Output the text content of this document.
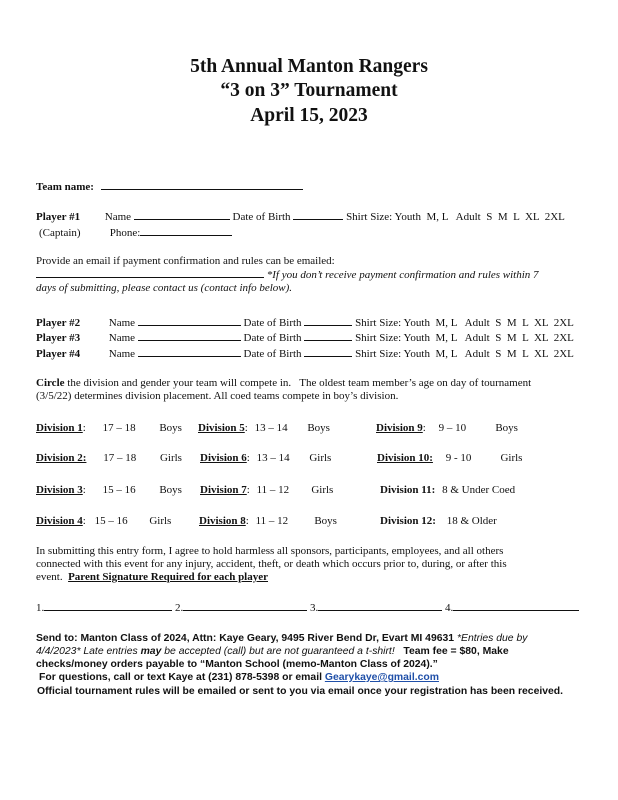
5th Annual Manton Rangers
“3 on 3” Tournament
April 15, 2023
Team name:
Player #1 Name	Date of Birth	Shirt Size: Youth  M, L   Adult  S  M  L  XL  2XL
(Captain)	Phone:
Provide an email if payment confirmation and rules can be emailed:
*If you don’t receive payment confirmation and rules within 7
days of submitting, please contact us (contact info below).
Player #2	Name	Date of Birth	Shirt Size: Youth  M, L   Adult  S  M  L  XL  2XL
Player #3	Name	Date of Birth	Shirt Size: Youth  M, L   Adult  S  M  L  XL  2XL
Player #4	Name	Date of Birth	Shirt Size: Youth  M, L   Adult  S  M  L  XL  2XL
Circle the division and gender your team will compete in.   The oldest team member’s age on day of tournament
(3/5/22) determines division placement. All coed teams compete in boy’s division.
Division 1: 17 – 18 Boys
Division 2: 17 – 18 Girls
Division 3: 15 – 16 Boys
Division 4: 15 – 16 Girls
Division 5: 13 – 14 Boys
Division 6: 13 – 14 Girls
Division 7: 11 – 12 Girls
Division 8: 11 – 12 Boys
Division 9: 9 – 10	Boys
Division 10: 9 - 10	Girls
Division 11: 8 & Under Coed
Division 12: 18 & Older
In submitting this entry form, I agree to hold harmless all sponsors, participants, employees, and all others
connected with this event for any injury, accident, theft, or death which occurs prior to, during, or after this
event.  Parent Signature Required for each player
1.	2.	3.	4.
Send to: Manton Class of 2024, Attn: Kaye Geary, 9495 River Bend Dr, Evart MI 49631 *Entries due by
4/4/2023* Late entries may be accepted (call) but are not guaranteed a t-shirt!   Team fee = $80, Make
checks/money orders payable to “Manton School (memo-Manton Class of 2024).”
For questions, call or text Kaye at (231) 878-5398 or email Gearykaye@gmail.com
Official tournament rules will be emailed or sent to you via email once your registration has been received.
